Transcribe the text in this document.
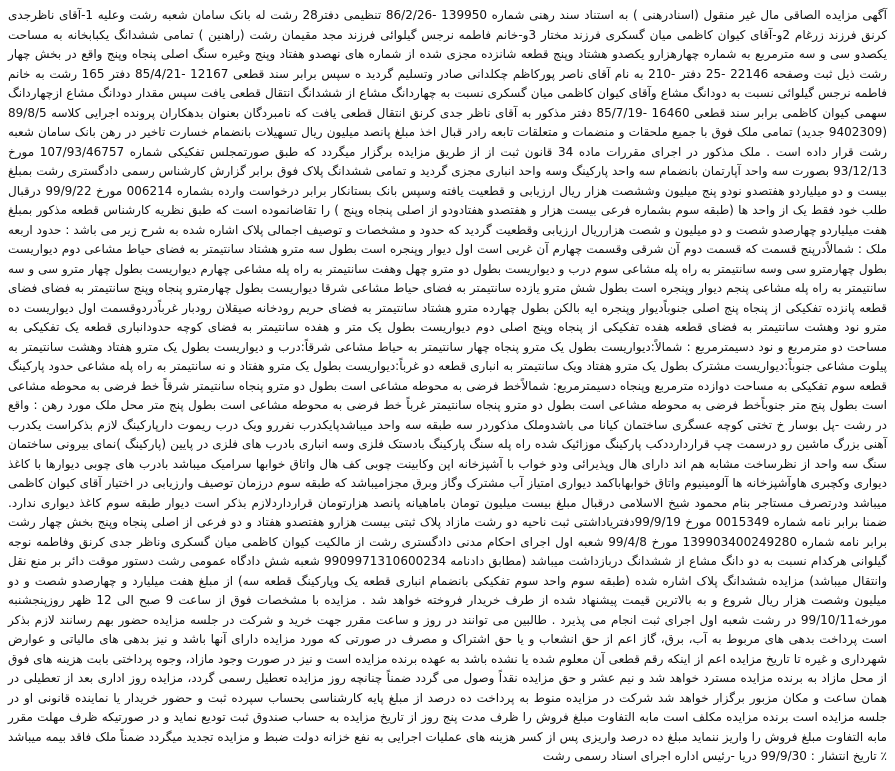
آگهی مزایده الصاقی مال غیر منقول (اسنادرهنی ) به استناد سند رهنی شماره 139950 -86/2/26 تنظیمی دفتر28 رشت له بانک سامان شعبه رشت وعلیه 1-آقای ناظرجدی کرنق فرزند زرغام 2و-آقای کیوان کاظمی میان گسکری فرزند مختار 3و-خانم فاطمه نرجس گیلوائی فرزند مجد مقیمان رشت (راهنین ) تمامی ششدانگ یکبابخانه به مساحت یکصدو سی و سه مترمربع به شماره چهارهزارو یکصدو هشتاد وپنج قطعه شانزده مجزی شده از شماره های نهصدو هفتاد وپنج وغیره سنگ اصلی پنجاه وپنج واقع در بخش چهار رشت ذیل ثبت وصفحه 22146 -25 دفتر -210 به نام آقای ناصر پورکاظم چکلدانی صادر وتسلیم گردید ه سپس برابر سند قطعی 12167 -85/4/21 دفتر 165 رشت به خانم فاطمه نرجس گیلوائی نسبت به دودانگ مشاع وآقای کیوان کاظمی میان گسکری نسبت به چهاردانگ مشاع از ششدانگ انتقال قطعی یافت سپس مقدار دودانگ مشاع ازچهاردانگ سهمی کیوان کاظمی برابر سند قطعی 16460 -85/7/19 دفتر مذکور به آقای ناظر جدی کرنق انتقال قطعی یافت که نامبردگان بعنوان بدهکاران پرونده اجرایی کلاسه 89/8/5 (9402309 جدید) تمامی ملک فوق با جمیع ملحقات و منضمات و متعلقات تابعه رادر قبال اخذ مبلغ پانصد میلیون ریال تسهیلات بانضمام خسارت تاخیر در رهن بانک سامان شعبه رشت قرار داده است . ملک مذکور در اجرای مقررات ماده 34 قانون ثبت از از طریق مزایده برگزار میگردد که طبق صورتمجلس تفکیکی شماره 107/93/46757 مورخ 93/12/13 بصورت سه واحد آپارتمان بانضمام سه واحد پارکینگ وسه واحد انباری مجزی گردید و تمامی ششدانگ پلاک فوق برابر گزارش کارشناس رسمی دادگستری رشت بمبلغ بیست و دو میلیاردو هفتصدو نودو پنج میلیون وششصت هزار ریال ارزیابی و قطعیت یافته وسپس بانک بستانکار برابر درخواست وارده بشماره 006214 مورخ 99/9/22 درقبال طلب خود فقط یک از واحد ها (طبقه سوم بشماره فرعی بیست هزار و هفتصدو هفتادودو از اصلی پنجاه وپنج ) را تقاضانموده است که طبق نظریه کارشناس قطعه مذکور بمبلغ هفت میلیاردو چهارصدو شصت و دو میلیون و شصت هزارریال ارزیابی وقطعیت گردید که حدود و مشخصات و توصیف اجمالی پلاک اشاره شده به شرح زیر می باشد : حدود اربعه ملک : شمالاًدرپنج قسمت که قسمت دوم آن شرقی وقسمت چهارم آن غربی است اول دیوار وپنجره است بطول سه مترو هشتاد سانتیمتر به فضای حیاط مشاعی دوم دیواریست بطول چهارمترو سی وسه سانتیمتر به راه پله مشاعی سوم درب و دیواریست بطول دو مترو چهل وهفت سانتیمتر به راه پله مشاعی چهارم دیواریست بطول چهار مترو سی و سه سانتیمتر به راه پله مشاعی پنجم دیوار وپنجره است بطول شش مترو یازده سانتیمتر به فضای حیاط مشاعی شرقا دیواریست بطول چهارمترو پنجاه وپنج سانتیمتر به فضای فضای قطعه پانزده تفکیکی از پنجاه پنج اصلی جنوباًدیوار وپنجره ایه بالکن بطول چهارده مترو هشتاد سانتیمتر به فضای حریم رودخانه صیقلان رودبار غرباًدردوقسمت اول دیواریست ده مترو نود وهشت سانتیمتر به فضای قطعه هفده تفکیکی از پنجاه وپنج اصلی دوم دیواریست بطول یک متر و هفده سانتیمتر به فضای کوچه حدودانباری قطعه یک تفکیکی به مساحت دو مترمربع و نود دسیمترمربع : شمالاً:دیواریست بطول یک مترو پنجاه چهار سانتیمتر به حیاط مشاعی شرقاً:درب و دیواریست بطول یک مترو هفتاد وهشت سانتیمتر به پیلوت مشاعی جنوباً:دیواریست مشترک بطول یک مترو هفتاد ویک سانتیمتر به انباری قطعه دو غرباً:دیواریست بطول یک مترو هفتاد و نه سانتیمتر به راه پله مشاعی حدود پارکینگ قطعه سوم تفکیکی به مساحت دوازده مترمربع وپنجاه دسیمترمربع: شمالاًخط فرضی به محوطه مشاعی است بطول دو مترو پنجاه سانتیمتر شرقاً خط فرضی به محوطه مشاعی است بطول پنج متر جنوباًخط فرضی به محوطه مشاعی است بطول دو مترو پنجاه سانتیمتر غرباً خط فرضی به محوطه مشاعی است بطول پنج متر محل ملک مورد رهن : واقع در رشت -پل بوسار خ تختی کوچه عسگری ساختمان کیانا می باشدوملک مذکوردر سه طبقه سه واحد میباشدپایکدرب نفررو ویک درب ریموت دارپارکینگ لازم بذکراست یکدرب آهنی بزرگ ماشین رو درسمت چپ قراردارددکب پارکینگ موزائیک شده راه پله سنگ پارکینگ بادستک فلزی وسه انباری بادرب های فلزی در پایین (پارکینگ )نمای بیرونی ساختمان سنگ سه واحد از نظرساخت مشابه هم اند دارای هال وپذیرائی ودو خواب با آشپزخانه اپن وکابینت چوبی کف هال واتاق خوابها سرامیک میباشد بادرب های چوبی دیوارها با کاغذ دیواری وکچبری هاوآشپزخانه ها آلومینیوم واتاق خوابهاباکمد دیواری امتیاز آب مشترک وگاز وبرق مجزامیباشد که طبقه سوم درزمان توصیف وارزیابی در اختیار آقای کیوان کاظمی میباشد ودرتصرف مستاجر بنام محمود شیخ الاسلامی درقبال مبلغ بیست میلیون تومان باماهیانه پانصد هزارتومان قرارداردلازم بذکر است دیوار طبقه سوم کاغذ دیواری ندارد. ضمنا برابر نامه شماره 0015349 مورخ 99/9/19دفتریاداشتی ثبت ناحیه دو رشت مازاد پلاک ثبتی بیست هزارو هفتصدو هفتاد و دو فرعی از اصلی پنجاه وپنج بخش چهار رشت برابر نامه شماره 139903400249280 مورخ 99/4/8 شعبه اول اجرای احکام مدنی دادگستری رشت از مالکیت کیوان کاظمی میان گسکری وناظر جدی کرنق وفاطمه نوجه گیلوانی هرکدام نسبت به دو دانگ مشاع از ششدانگ دربازداشت میباشد (مطابق دادنامه 9909971310600234 شعبه شش دادگاه عمومی رشت دستور موقت دائر بر منع نقل وانتقال میباشد) مزایده ششدانگ پلاک اشاره شده (طبقه سوم واحد سوم تفکیکی بانضمام انباری قطعه یک وپارکینگ قطعه سه) از مبلغ هفت میلیارد و چهارصدو شصت و دو میلیون وشصت هزار ریال شروع و به بالاترین قیمت پیشنهاد شده از طرف خریدار فروخته خواهد شد . مزایده با مشخصات فوق از ساعت 9 صبح الی 12 ظهر روزپنجشنبه مورخه99/10/11 در رشت شعبه اول اجرای ثبت انجام می پذیرد . طالبین می توانند در روز و ساعت مقرر جهت خرید و شرکت در جلسه مزایده حضور بهم رسانند لازم بذکر است پرداخت بدهی های مربوط به آب، برق، گاز اعم از حق انشعاب و یا حق اشتراک و مصرف در صورتی که مورد مزایده دارای آنها باشد و نیز بدهی های مالیاتی و عوارض شهرداری و غیره تا تاریخ مزایده اعم از اینکه رقم قطعی آن معلوم شده یا نشده باشد به عهده برنده مزایده است و نیز در صورت وجود مازاد، وجوه پرداختی بابت هزینه های فوق از محل مازاد به برنده مزایده مسترد خواهد شد و نیم عشر و حق مزایده نقداً وصول می گردد ضمناً چنانچه روز مزایده تعطیل رسمی گردد، مزایده روز اداری بعد از تعطیلی در همان ساعت و مکان مزبور برگزار خواهد شد شرکت در مزایده منوط به پرداخت ده درصد از مبلغ پایه کارشناسی بحساب سپرده ثبت و حضور خریدار یا نماینده قانونی او در جلسه مزایده است برنده مزایده مکلف است مابه التفاوت مبلغ فروش را ظرف مدت پنج روز از تاریخ مزایده به حساب صندوق ثبت تودیع نماید و در صورتیکه ظرف مهلت مقرر مابه التفاوت مبلغ فروش را واریز ننماید مبلغ ده درصد واریزی پس از کسر هزینه های عملیات اجرایی به نفع خزانه دولت ضبط و مزایده تجدید میگردد ضمناً ملک فاقد بیمه میباشد ٪ تاریخ انتشار : 99/9/30 دریا -رئیس اداره اجرای اسناد رسمی رشت
